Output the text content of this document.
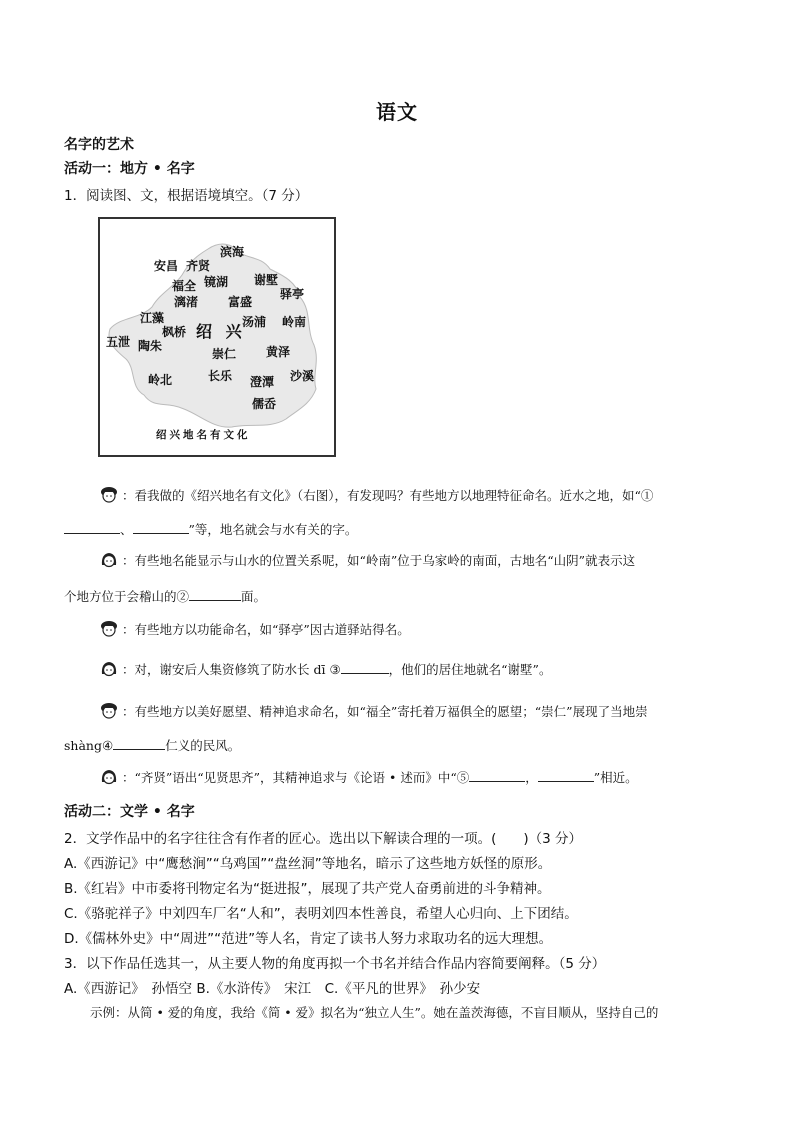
语文
名字的艺术
活动一：地方 • 名字
1．阅读图、文，根据语境填空。（7 分）
滨海
安昌 齐贤
谢墅
福全 镜湖
驿亭
漓渚 富盛
江藻	汤浦 岭南
枫桥 绍 兴
五泄 陶朱
崇仁 黄泽
岭北	长乐 澄潭 沙溪
儒岙
绍兴地名有文化
：看我做的《绍兴地名有文化》（右图），有发现吗？有些地方以地理特征命名。近水之地，如“①
、	”等，地名就会与水有关的字。
：有些地名能显示与山水的位置关系呢，如“岭南”位于乌家岭的南面，古地名“山阴”就表示这
个地方位于会稽山的②	面。
：有些地方以功能命名，如“驿亭”因古道驿站得名。
：对，谢安后人集资修筑了防水长 dī ③	，他们的居住地就名“谢墅”。
：有些地方以美好愿望、精神追求命名，如“福全”寄托着万福俱全的愿望；“崇仁”展现了当地崇
shàng④	仁义的民风。
：“齐贤”语出“见贤思齐”，其精神追求与《论语 • 述而》中“⑤	，	”相近。
活动二：文学 • 名字
2．文学作品中的名字往往含有作者的匠心。选出以下解读合理的一项。(　　)（3 分）
A.《西游记》中“鹰愁涧”“乌鸡国”“盘丝洞”等地名，暗示了这些地方妖怪的原形。
B.《红岩》中市委将刊物定名为“挺进报”，展现了共产党人奋勇前进的斗争精神。
C.《骆驼祥子》中刘四车厂名“人和”，表明刘四本性善良，希望人心归向、上下团结。
D.《儒林外史》中“周进”“范进”等人名，肯定了读书人努力求取功名的远大理想。
3．以下作品任选其一，从主要人物的角度再拟一个书名并结合作品内容简要阐释。（5 分）
A.《西游记》　孙悟空 B.《水浒传》　宋江　C.《平凡的世界》　孙少安
示例：从简 • 爱的角度，我给《简 • 爱》拟名为“独立人生”。她在盖茨海德，不盲目顺从，坚持自己的
